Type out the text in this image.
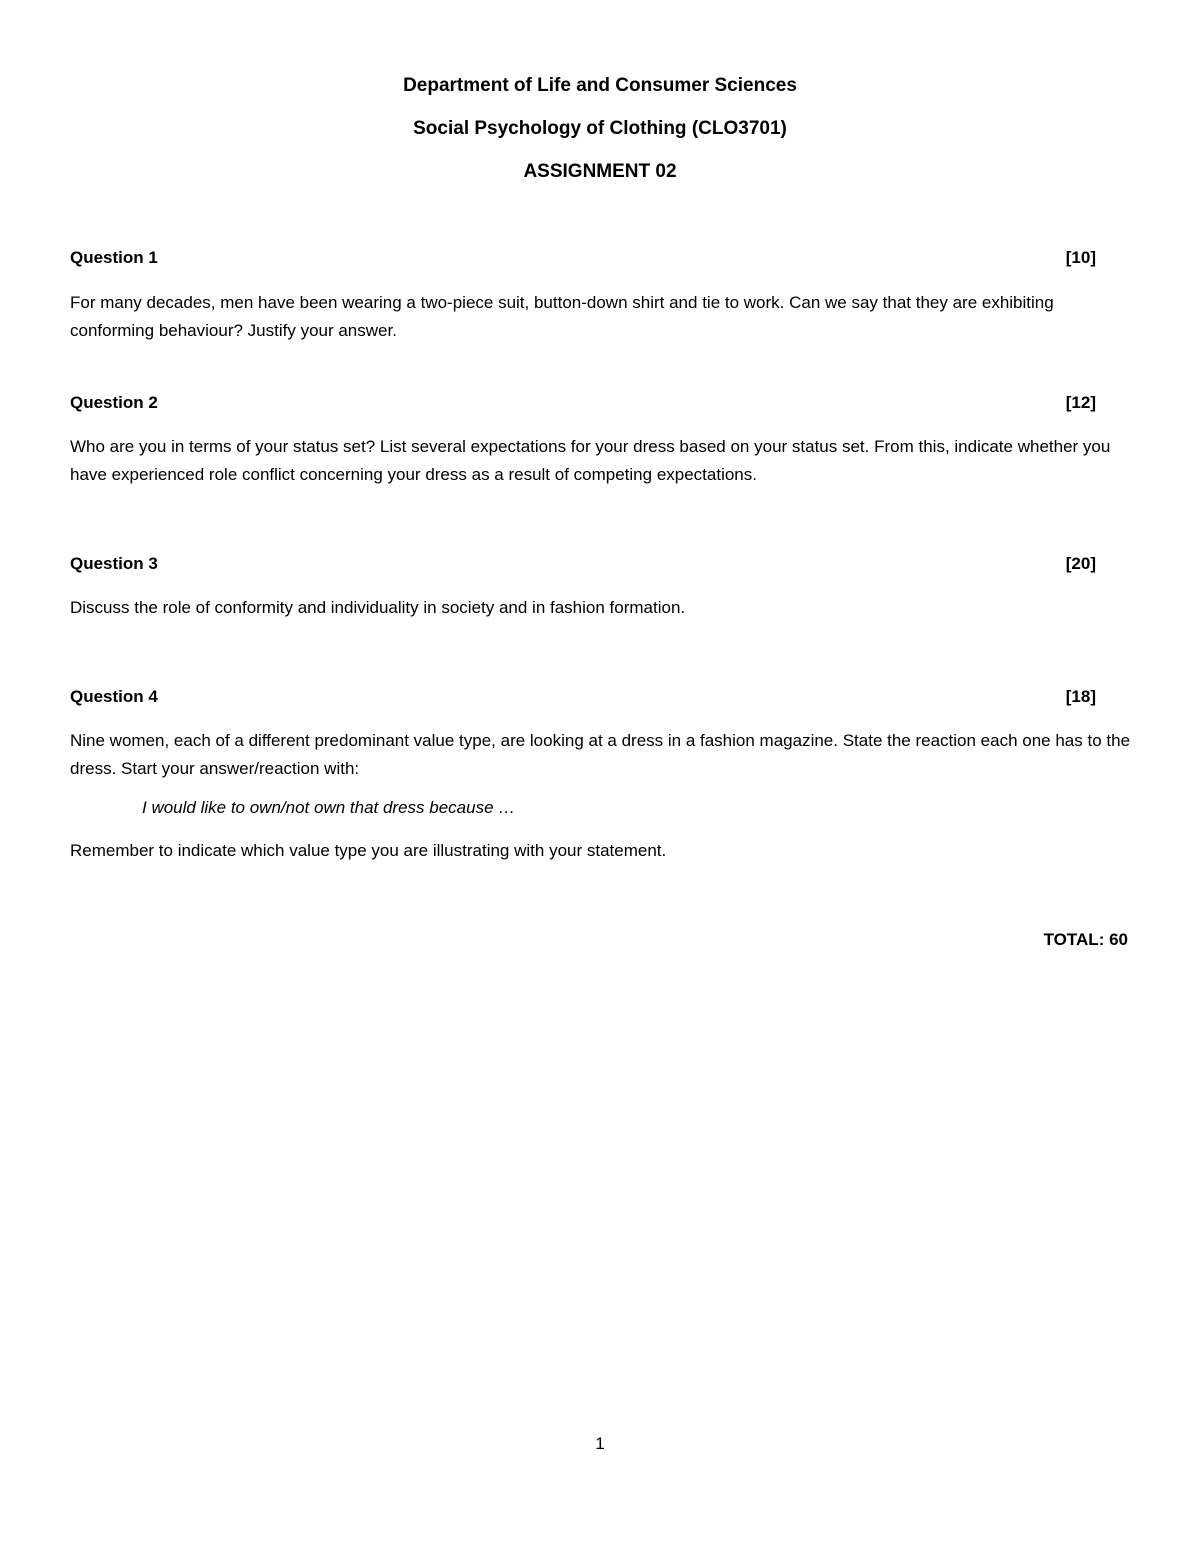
Department of Life and Consumer Sciences
Social Psychology of Clothing (CLO3701)
ASSIGNMENT 02
Question 1	[10]
For many decades, men have been wearing a two-piece suit, button-down shirt and tie to work. Can we say that they are exhibiting conforming behaviour? Justify your answer.
Question 2	[12]
Who are you in terms of your status set? List several expectations for your dress based on your status set. From this, indicate whether you have experienced role conflict concerning your dress as a result of competing expectations.
Question 3	[20]
Discuss the role of conformity and individuality in society and in fashion formation.
Question 4	[18]
Nine women, each of a different predominant value type, are looking at a dress in a fashion magazine. State the reaction each one has to the dress. Start your answer/reaction with:
I would like to own/not own that dress because …
Remember to indicate which value type you are illustrating with your statement.
TOTAL: 60
1
